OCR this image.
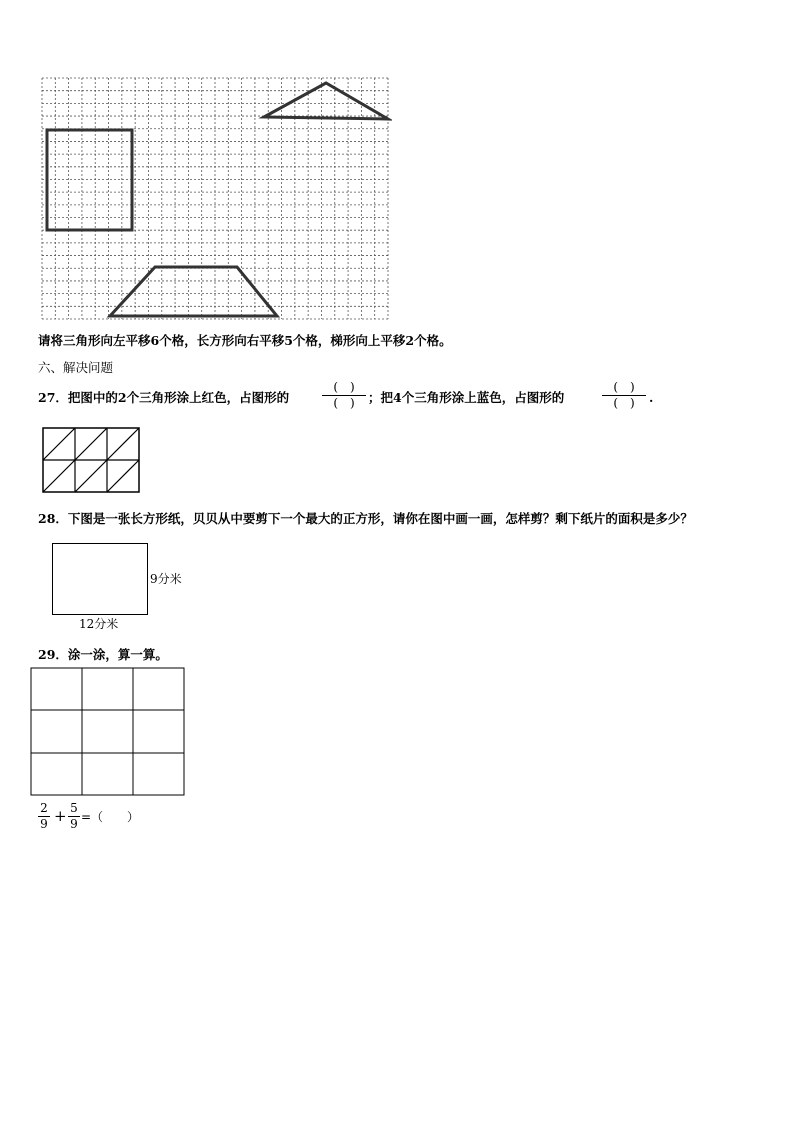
请将三角形向左平移6个格，长方形向右平移5个格，梯形向上平移2个格。
六、解决问题
27．把图中的2个三角形涂上红色，占图形的
(  )
(  )	；把4个三角形涂上蓝色，占图形的
(  )
(  )	.
28．下图是一张长方形纸，贝贝从中要剪下一个最大的正方形，请你在图中画一画，怎样剪？剩下纸片的面积是多少？
9分米
12分米
29．涂一涂，算一算。
2
9 + 5
9 =（　　）
